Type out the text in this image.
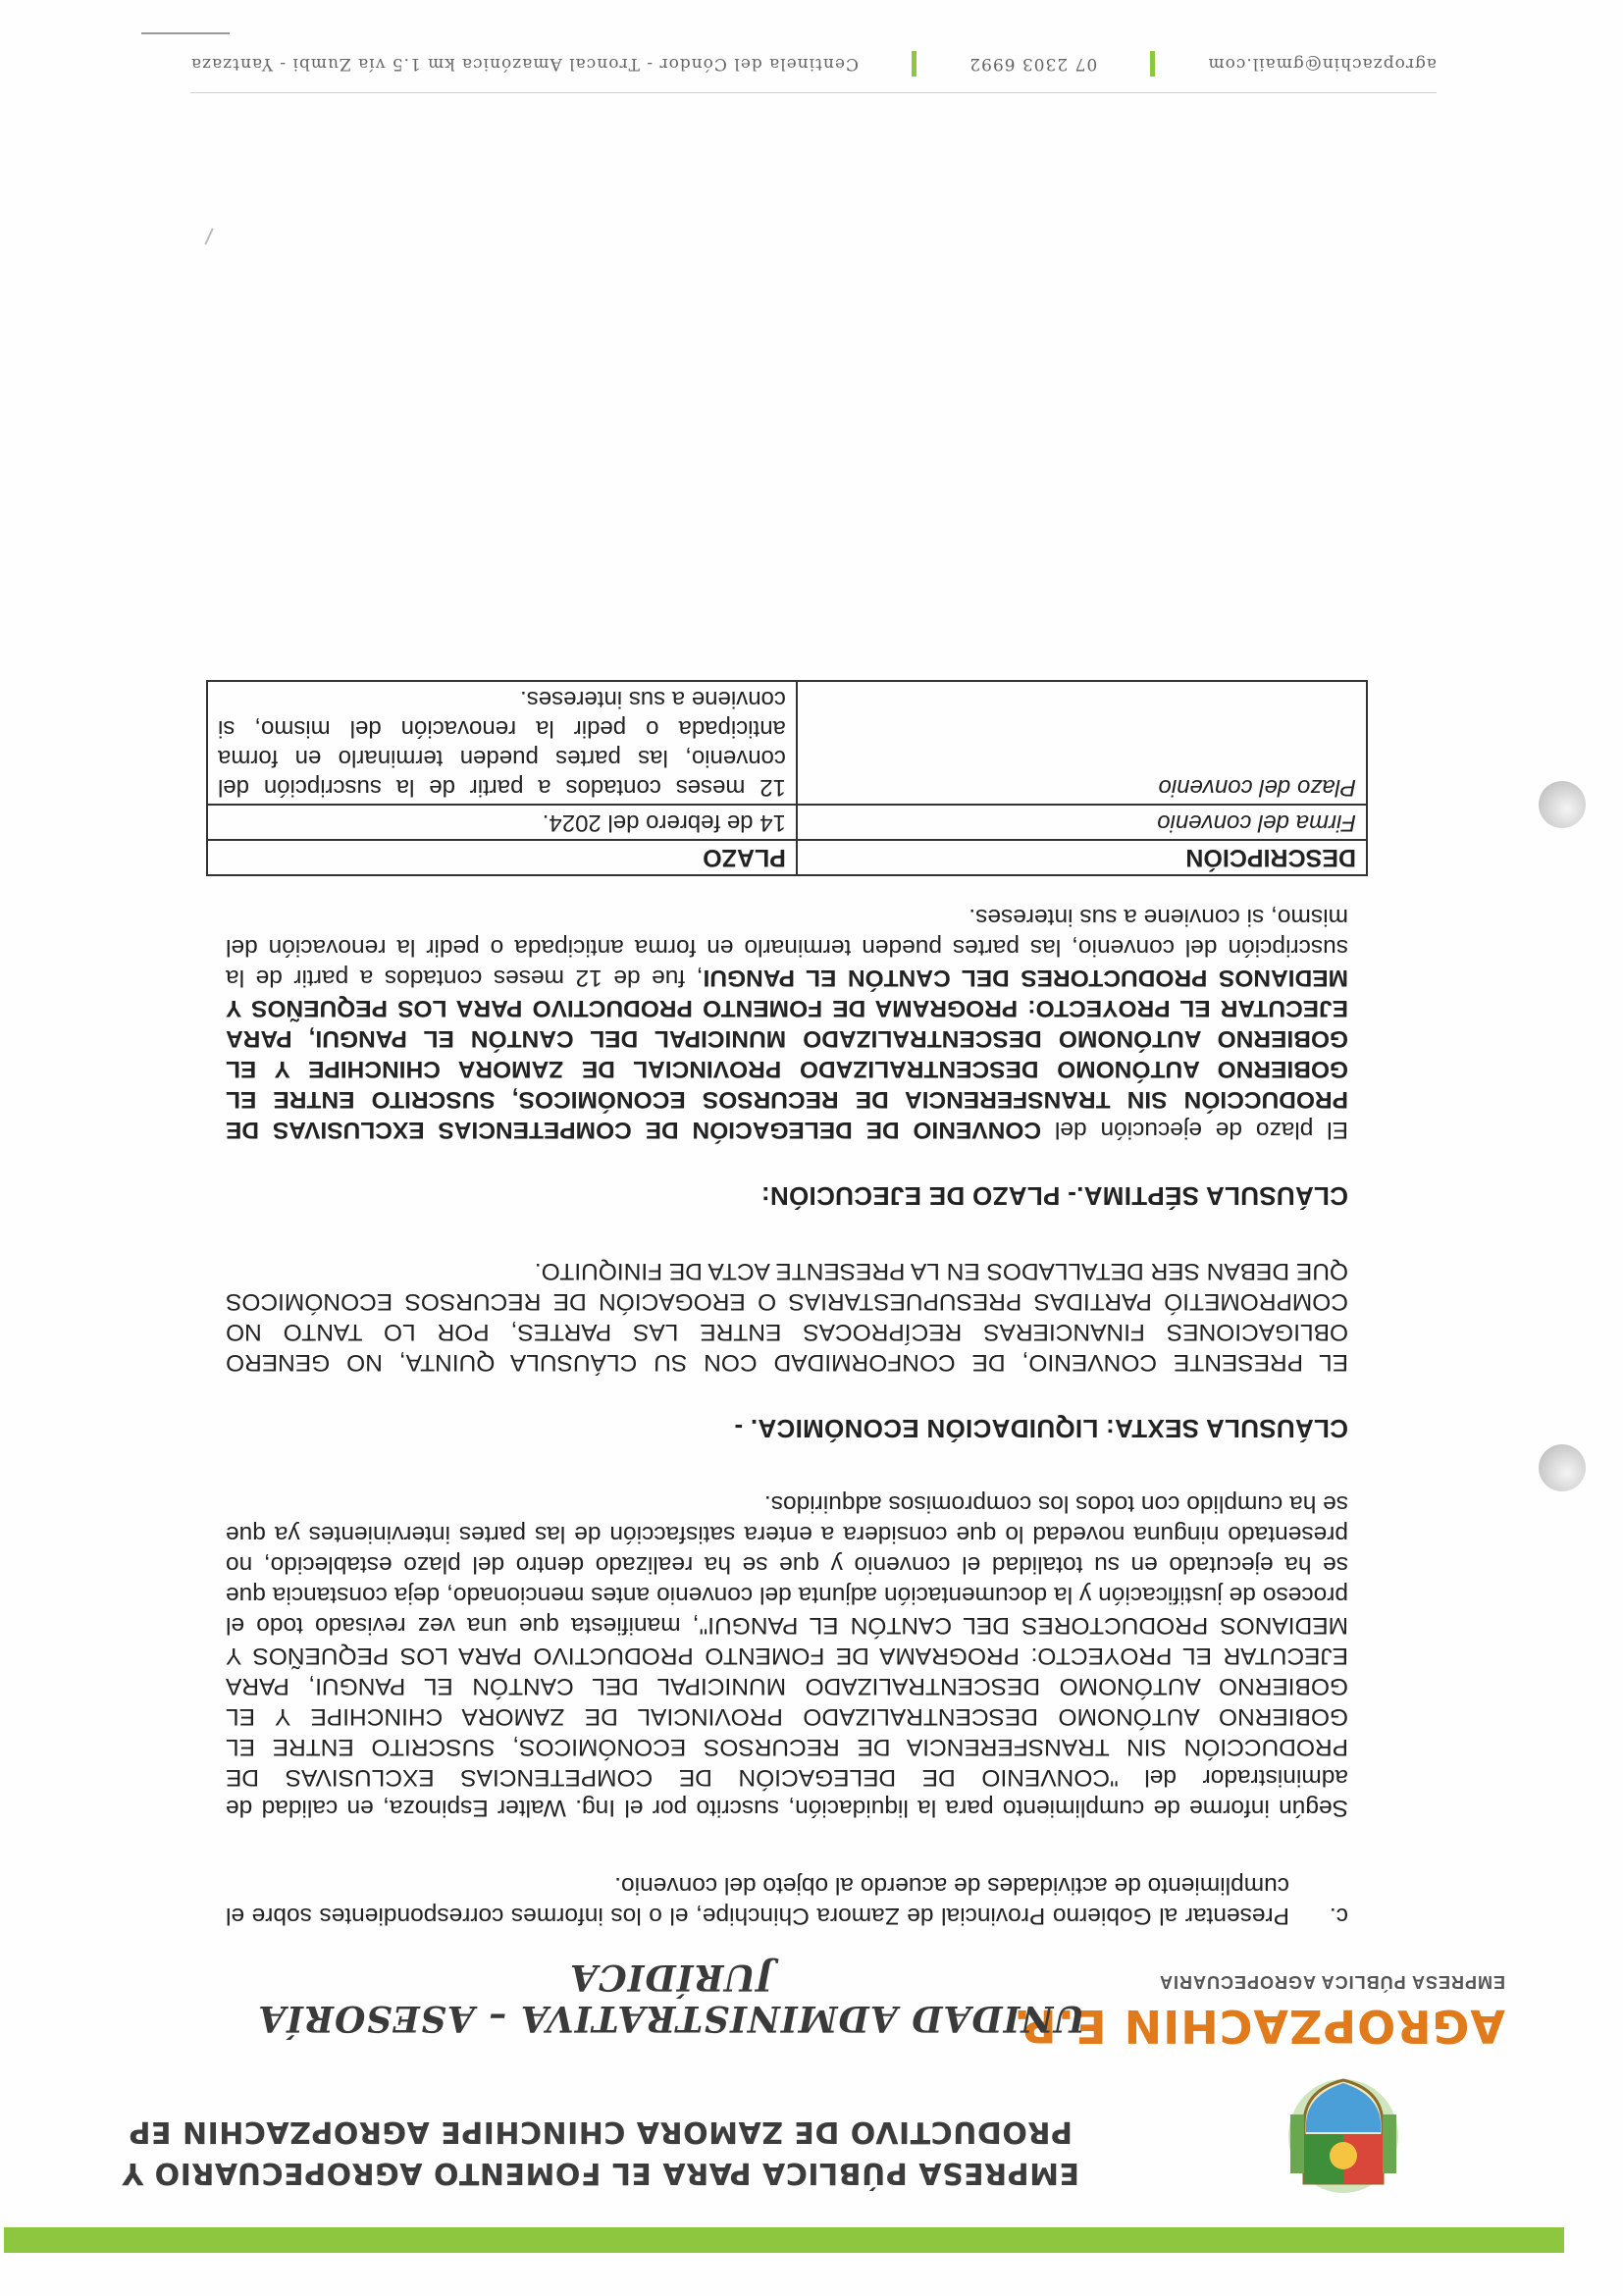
EMPRESA PÚBLICA PARA EL FOMENTO AGROPECUARIO Y
PRODUCTIVO DE ZAMORA CHINCHIPE AGROPZACHIN EP
AGROPZACHIN E.P.
EMPRESA PÚBLICA AGROPECUARIA
UNIDAD ADMINISTRATIVA – ASESORÍA JURÍDICA
c.
Presentar al Gobierno Provincial de Zamora Chinchipe, el o los informes correspondientes sobre el cumplimiento de actividades de acuerdo al objeto del convenio.

Según informe de cumplimiento para la liquidación, suscrito por el Ing. Walter Espinoza, en calidad de administrador del "CONVENIO DE DELEGACIÓN DE COMPETENCIAS EXCLUSIVAS DE PRODUCCIÓN SIN TRANSFERENCIA DE RECURSOS ECONÓMICOS, SUSCRITO ENTRE EL GOBIERNO AUTÓNOMO DESCENTRALIZADO PROVINCIAL DE ZAMORA CHINCHIPE Y EL GOBIERNO AUTÓNOMO DESCENTRALIZADO MUNICIPAL DEL CANTÓN EL PANGUI, PARA EJECUTAR EL PROYECTO: PROGRAMA DE FOMENTO PRODUCTIVO PARA LOS PEQUEÑOS Y MEDIANOS PRODUCTORES DEL CANTÓN EL PANGUI", manifiesta que una vez revisado todo el proceso de justificación y la documentación adjunta del convenio antes mencionado, deja constancia que se ha ejecutado en su totalidad el convenio y que se ha realizado dentro del plazo establecido, no presentado ninguna novedad lo que considera a entera satisfacción de las partes intervinientes ya que se ha cumplido con todos los compromisos adquiridos.

CLÁUSULA SEXTA: LIQUIDACIÓN ECONÓMICA. -

EL PRESENTE CONVENIO, DE CONFORMIDAD CON SU CLÁUSULA QUINTA, NO GENERO OBLIGACIONES FINANCIERAS RECÍPROCAS ENTRE LAS PARTES, POR LO TANTO NO COMPROMETIÓ PARTIDAS PRESUPUESTARIAS O EROGACIÓN DE RECURSOS ECONÓMICOS QUE DEBAN SER DETALLADOS EN LA PRESENTE ACTA DE FINIQUITO.

CLÁUSULA SÉPTIMA.- PLAZO DE EJECUCIÓN:

El plazo de ejecución del CONVENIO DE DELEGACIÓN DE COMPETENCIAS EXCLUSIVAS DE PRODUCCIÓN SIN TRANSFERENCIA DE RECURSOS ECONÓMICOS, SUSCRITO ENTRE EL GOBIERNO AUTÓNOMO DESCENTRALIZADO PROVINCIAL DE ZAMORA CHINCHIPE Y EL GOBIERNO AUTÓNOMO DESCENTRALIZADO MUNICIPAL DEL CANTÓN EL PANGUI, PARA EJECUTAR EL PROYECTO: PROGRAMA DE FOMENTO PRODUCTIVO PARA LOS PEQUEÑOS Y MEDIANOS PRODUCTORES DEL CANTÓN EL PANGUI, fue de 12 meses contados a partir de la suscripción del convenio, las partes pueden terminarlo en forma anticipada o pedir la renovación del mismo, si conviene a sus intereses.

DESCRIPCIÓN	PLAZO
Firma del convenio	14 de febrero del 2024.
Plazo del convenio	12 meses contados a partir de la suscripción del convenio, las partes pueden terminarlo en forma anticipada o pedir la renovación del mismo, si conviene a sus intereses.
agropzachin@gmail.com
07 2303 6992
Centinela del Cóndor - Troncal Amazónica km 1.5 vía Zumbi - Yantzaza
